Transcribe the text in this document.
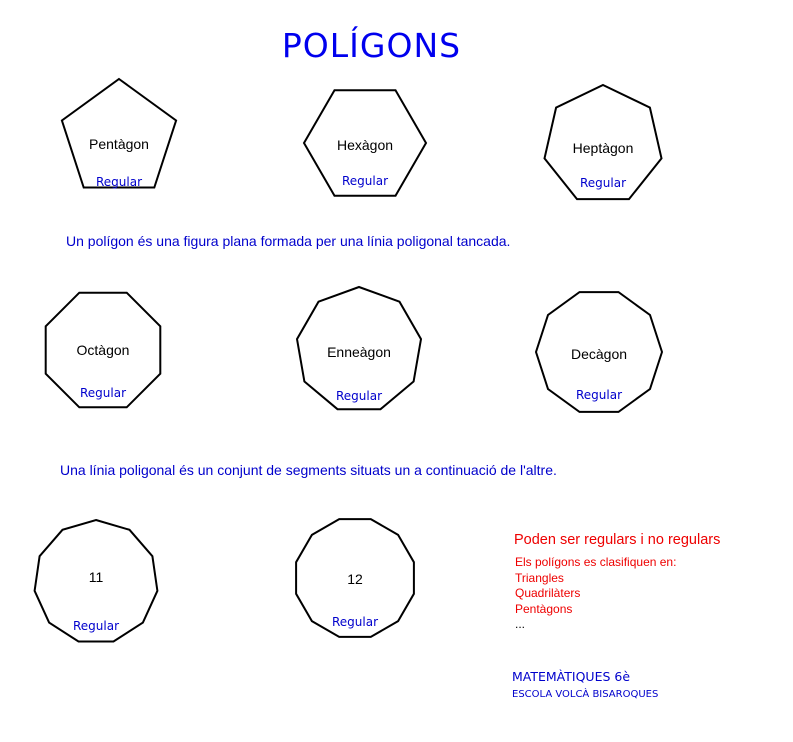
POLÍGONS
Pentàgon
Regular
Hexàgon
Regular
Heptàgon
Regular
Octàgon
Regular
Enneàgon
Regular
Decàgon
Regular
11
Regular
12
Regular
Un polígon és una figura plana formada per una línia poligonal tancada.
Una línia poligonal és un conjunt de segments situats un a continuació de l'altre.
Poden ser regulars i no regulars
Els polígons es clasifiquen en:
Triangles
Quadrilàters
Pentàgons
...
MATEMÀTIQUES 6è
ESCOLA VOLCÀ BISAROQUES
